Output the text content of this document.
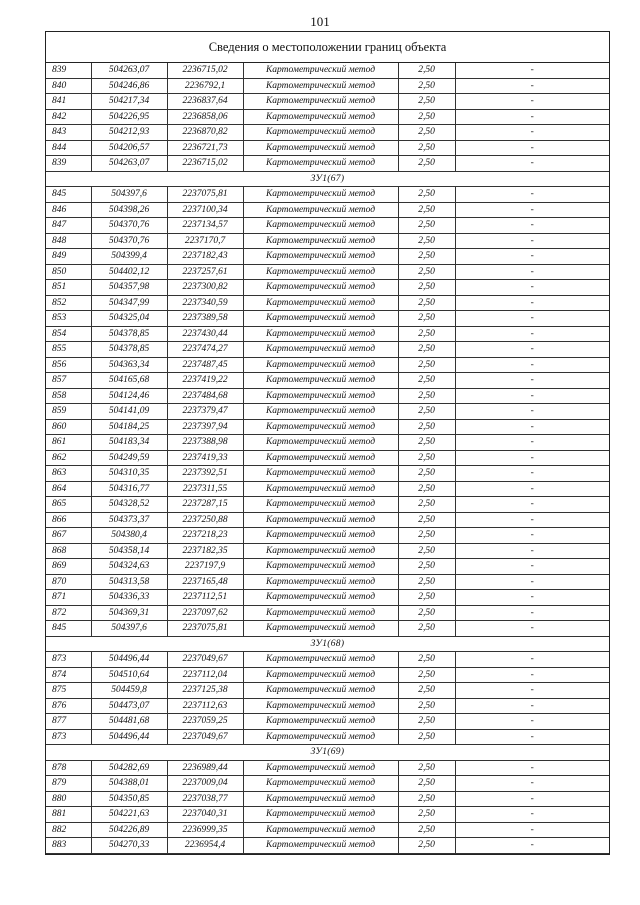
101
Сведения о местоположении границ объекта
839	504263,07	2236715,02	Картометрический метод	2,50	-
840	504246,86	2236792,1	Картометрический метод	2,50	-
841	504217,34	2236837,64	Картометрический метод	2,50	-
842	504226,95	2236858,06	Картометрический метод	2,50	-
843	504212,93	2236870,82	Картометрический метод	2,50	-
844	504206,57	2236721,73	Картометрический метод	2,50	-
839	504263,07	2236715,02	Картометрический метод	2,50	-
ЗУ1(67)					
845	504397,6	2237075,81	Картометрический метод	2,50	-
846	504398,26	2237100,34	Картометрический метод	2,50	-
847	504370,76	2237134,57	Картометрический метод	2,50	-
848	504370,76	2237170,7	Картометрический метод	2,50	-
849	504399,4	2237182,43	Картометрический метод	2,50	-
850	504402,12	2237257,61	Картометрический метод	2,50	-
851	504357,98	2237300,82	Картометрический метод	2,50	-
852	504347,99	2237340,59	Картометрический метод	2,50	-
853	504325,04	2237389,58	Картометрический метод	2,50	-
854	504378,85	2237430,44	Картометрический метод	2,50	-
855	504378,85	2237474,27	Картометрический метод	2,50	-
856	504363,34	2237487,45	Картометрический метод	2,50	-
857	504165,68	2237419,22	Картометрический метод	2,50	-
858	504124,46	2237484,68	Картометрический метод	2,50	-
859	504141,09	2237379,47	Картометрический метод	2,50	-
860	504184,25	2237397,94	Картометрический метод	2,50	-
861	504183,34	2237388,98	Картометрический метод	2,50	-
862	504249,59	2237419,33	Картометрический метод	2,50	-
863	504310,35	2237392,51	Картометрический метод	2,50	-
864	504316,77	2237311,55	Картометрический метод	2,50	-
865	504328,52	2237287,15	Картометрический метод	2,50	-
866	504373,37	2237250,88	Картометрический метод	2,50	-
867	504380,4	2237218,23	Картометрический метод	2,50	-
868	504358,14	2237182,35	Картометрический метод	2,50	-
869	504324,63	2237197,9	Картометрический метод	2,50	-
870	504313,58	2237165,48	Картометрический метод	2,50	-
871	504336,33	2237112,51	Картометрический метод	2,50	-
872	504369,31	2237097,62	Картометрический метод	2,50	-
845	504397,6	2237075,81	Картометрический метод	2,50	-
ЗУ1(68)					
873	504496,44	2237049,67	Картометрический метод	2,50	-
874	504510,64	2237112,04	Картометрический метод	2,50	-
875	504459,8	2237125,38	Картометрический метод	2,50	-
876	504473,07	2237112,63	Картометрический метод	2,50	-
877	504481,68	2237059,25	Картометрический метод	2,50	-
873	504496,44	2237049,67	Картометрический метод	2,50	-
ЗУ1(69)					
878	504282,69	2236989,44	Картометрический метод	2,50	-
879	504388,01	2237009,04	Картометрический метод	2,50	-
880	504350,85	2237038,77	Картометрический метод	2,50	-
881	504221,63	2237040,31	Картометрический метод	2,50	-
882	504226,89	2236999,35	Картометрический метод	2,50	-
883	504270,33	2236954,4	Картометрический метод	2,50	-
